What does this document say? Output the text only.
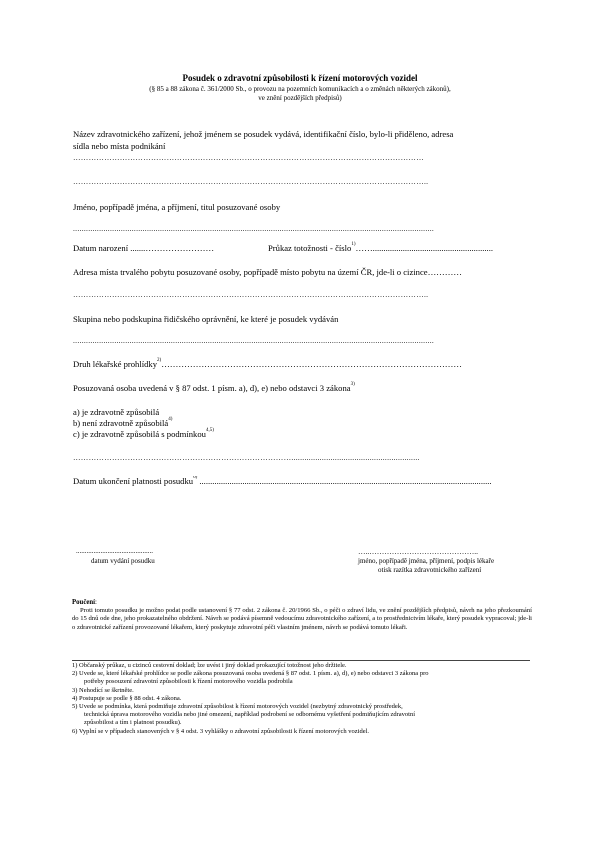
Posudek o zdravotní způsobilosti k řízení motorových vozidel
(§ 85 a 88 zákona č. 361/2000 Sb., o provozu na pozemních komunikacích a o změnách některých zákonů),
ve znění pozdějších předpisů)
Název zdravotnického zařízení, jehož jménem se posudek vydává, identifikační číslo, bylo-li přiděleno, adresa
sídla nebo místa podnikání
………………………………………………………………………………………………………………………
………………………………………………………………………………………………………………………..
Jméno, popřípadě jména, a příjmení, titul posuzované osoby
......................................................................................................................................................................
Datum narození .......……………………	Průkaz totožnosti - číslo$^{1)}$……........................................................
Adresa místa trvalého pobytu posuzované osoby, popřípadě místo pobytu na území ČR, jde-li o cizince…………
………………………………………………………………………………………………………………………..
Skupina nebo podskupina řidičského oprávnění, ke které je posudek vydáván
......................................................................................................................................................................
Druh lékařské prohlídky$^{2)}$……………………………………………………………………………………………
Posuzovaná osoba uvedená v § 87 odst. 1 písm. a), d), e) nebo odstavci 3 zákona$^{3)}$
a) je zdravotně způsobilá
b) není zdravotně způsobilá$^{4)}$
c) je zdravotně způsobilá s podmínkou$^{4,5)}$
…………………………………………………………………………...........................................................
Datum ukončení platnosti posudku$^{6)}$ ........................................................................................................................................
............................................
datum vydání posudku
…..……………………………………..
jméno, popřípadě jména, příjmení, podpis lékaře
otisk razítka zdravotnického zařízení
Poučení:
Proti tomuto posudku je možno podat podle ustanovení § 77 odst. 2 zákona č. 20/1966 Sb., o péči o zdraví lidu, ve znění pozdějších předpisů, návrh na jeho přezkoumání do 15 dnů ode dne, jeho prokazatelného obdržení. Návrh se podává písemně vedoucímu zdravotnického zařízení, a to prostřednictvím lékaře, který posudek vypracoval; jde-li o zdravotnické zařízení provozované lékařem, který poskytuje zdravotní péči vlastním jménem, návrh se podává tomuto lékaři.
1) Občanský průkaz, u cizinců cestovní doklad; lze uvést i jiný doklad prokazující totožnost jeho držitele.
2) Uvede se, které lékařské prohlídce se podle zákona posuzovaná osoba uvedená § 87 odst. 1 písm. a), d), e) nebo odstavci 3 zákona pro
potřeby posouzení zdravotní způsobilosti k řízení motorového vozidla podrobila
3) Nehodící se škrtněte.
4) Postupuje se podle § 88 odst. 4 zákona.
5) Uvede se podmínka, která podmiňuje zdravotní způsobilost k řízení motorových vozidel (nezbytný zdravotnický prostředek,
technická úprava motorového vozidla nebo jiné omezení, například podrobení se odbornému vyšetření podmiňujícím zdravotní
způsobilost a tím i platnost posudku).
6) Vyplní se v případech stanovených v § 4 odst. 3 vyhlášky o zdravotní způsobilosti k řízení motorových vozidel.
